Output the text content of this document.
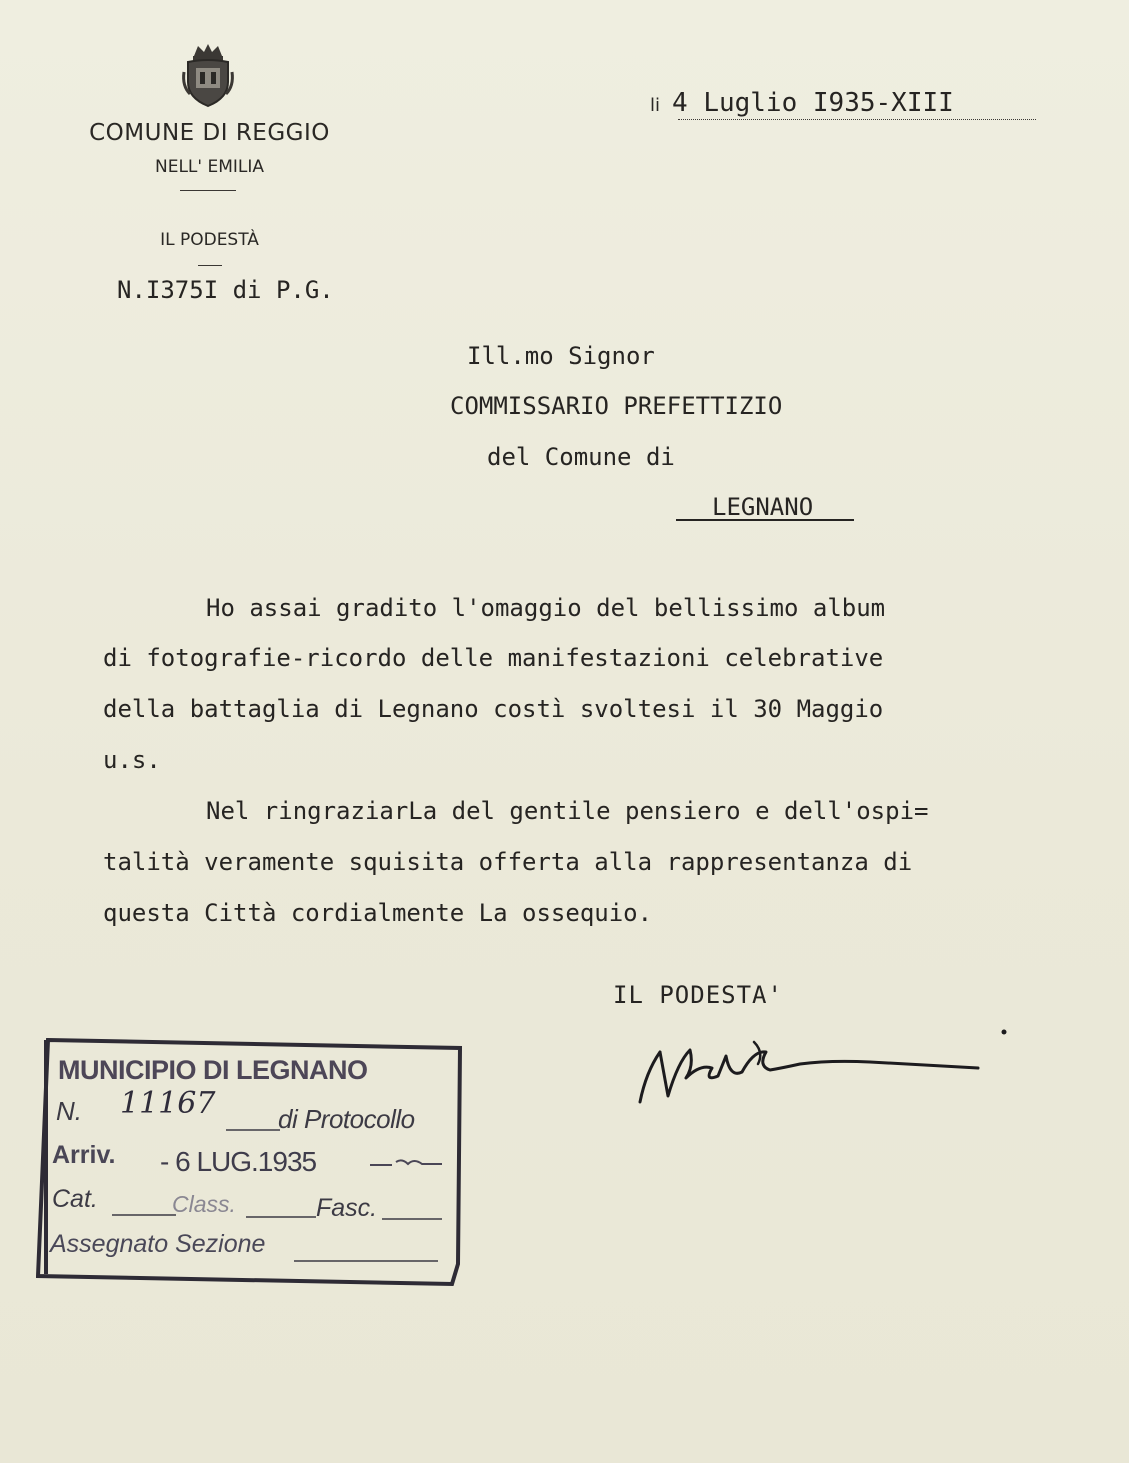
COMUNE DI REGGIO
NELL' EMILIA
IL PODESTÀ
N.I375I di P.G.
li 4 Luglio I935-XIII
Ill.mo Signor
COMMISSARIO PREFETTIZIO
del Comune di
LEGNANO
Ho assai gradito l'omaggio del bellissimo album
di fotografie-ricordo delle manifestazioni celebrative
della battaglia di Legnano costì svoltesi il 30 Maggio
u.s.
Nel ringraziarLa del gentile pensiero e dell'ospi=
talità veramente squisita offerta alla rappresentanza di
questa Città cordialmente La ossequio.
IL PODESTA'
MUNICIPIO DI LEGNANO
N. 11167 di Protocollo
Arriv. - 6 LUG.1935
Cat.	Class.	Fasc.
Assegnato Sezione
